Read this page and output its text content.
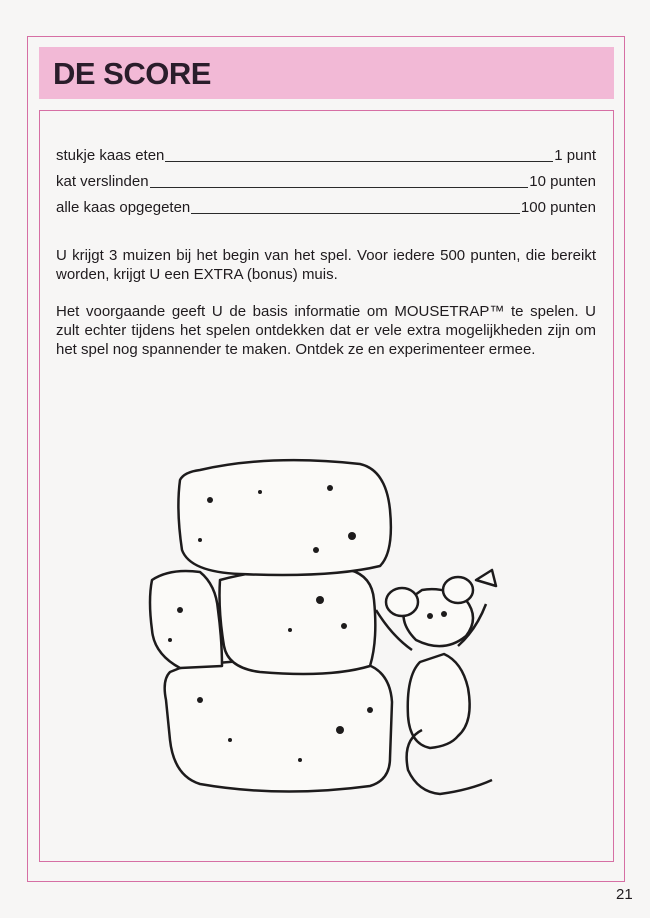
DE SCORE
stukje kaas eten	1 punt
kat verslinden	10 punten
alle kaas opgegeten	100 punten

U krijgt 3 muizen bij het begin van het spel. Voor iedere 500 punten, die bereikt worden, krijgt U een EXTRA (bonus) muis.

Het voorgaande geeft U de basis informatie om MOUSETRAP™ te spelen. U zult echter tijdens het spelen ontdekken dat er vele extra mogelijkheden zijn om het spel nog spannender te maken. Ontdek ze en experimenteer ermee.

21
